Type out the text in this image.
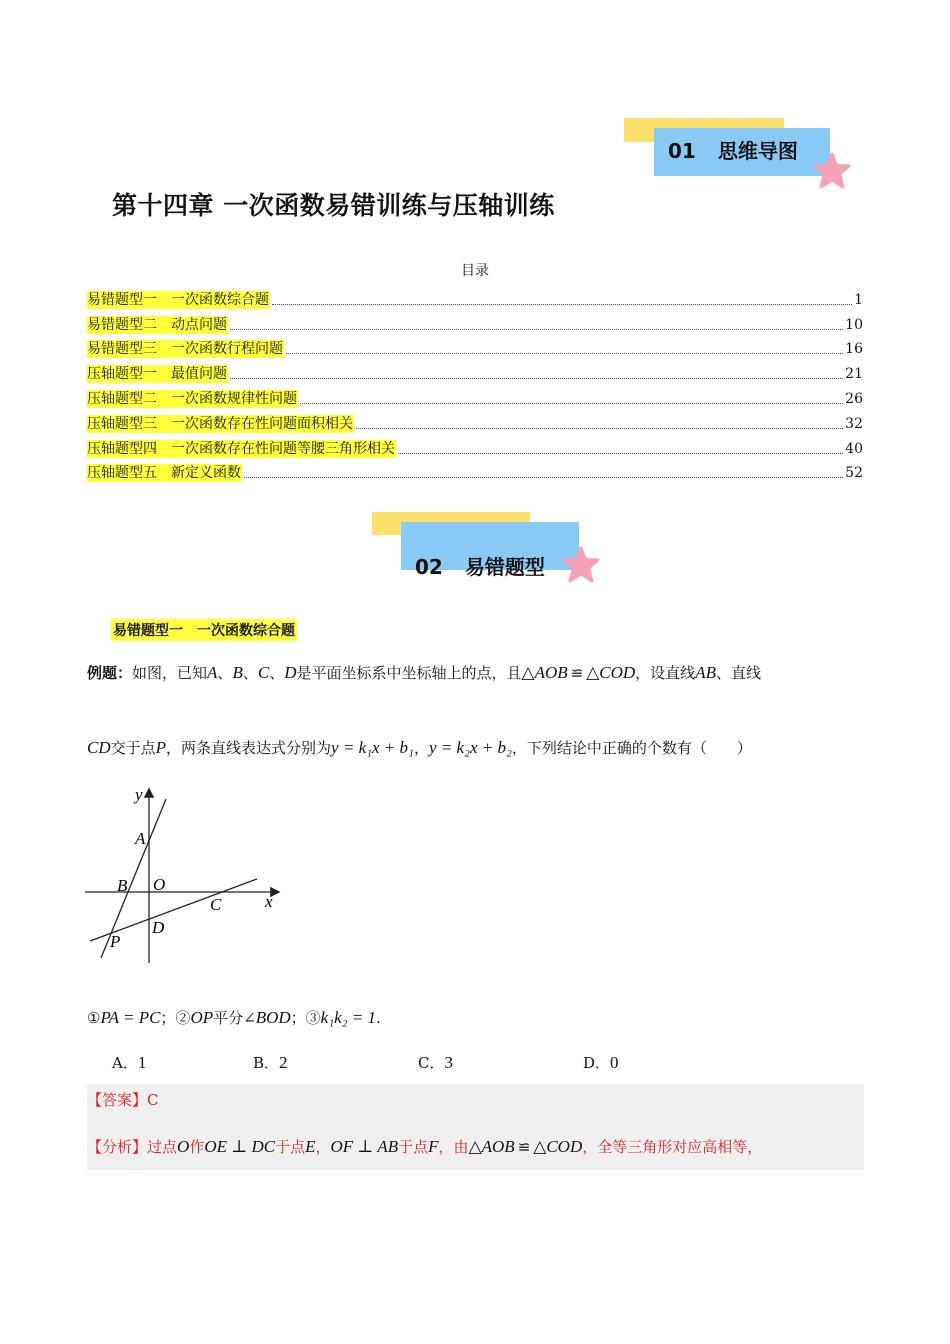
01 思维导图
第十四章 一次函数易错训练与压轴训练
目录
易错题型一　一次函数综合题	1
易错题型二　动点问题	10
易错题型三　一次函数行程问题	16
压轴题型一　最值问题	21
压轴题型二　一次函数规律性问题	26
压轴题型三　一次函数存在性问题面积相关	32
压轴题型四　一次函数存在性问题等腰三角形相关	40
压轴题型五　新定义函数	52
02 易错题型
易错题型一　一次函数综合题
例题：如图，已知A、B、C、D是平面坐标系中坐标轴上的点，且△AOB ≌ △COD，设直线AB、直线
CD交于点P，两条直线表达式分别为y = k₁x + b₁，y = k₂x + b₂，下列结论中正确的个数有（　　）
y
x
A
B O
C
D
P
①PA = PC；②OP平分∠BOD；③k₁k₂ = 1.
A．1	B．2	C．3	D．0
【答案】C
【分析】过点O作OE ⊥ DC于点E，OF ⊥ AB于点F，由△AOB ≌ △COD，全等三角形对应高相等，
